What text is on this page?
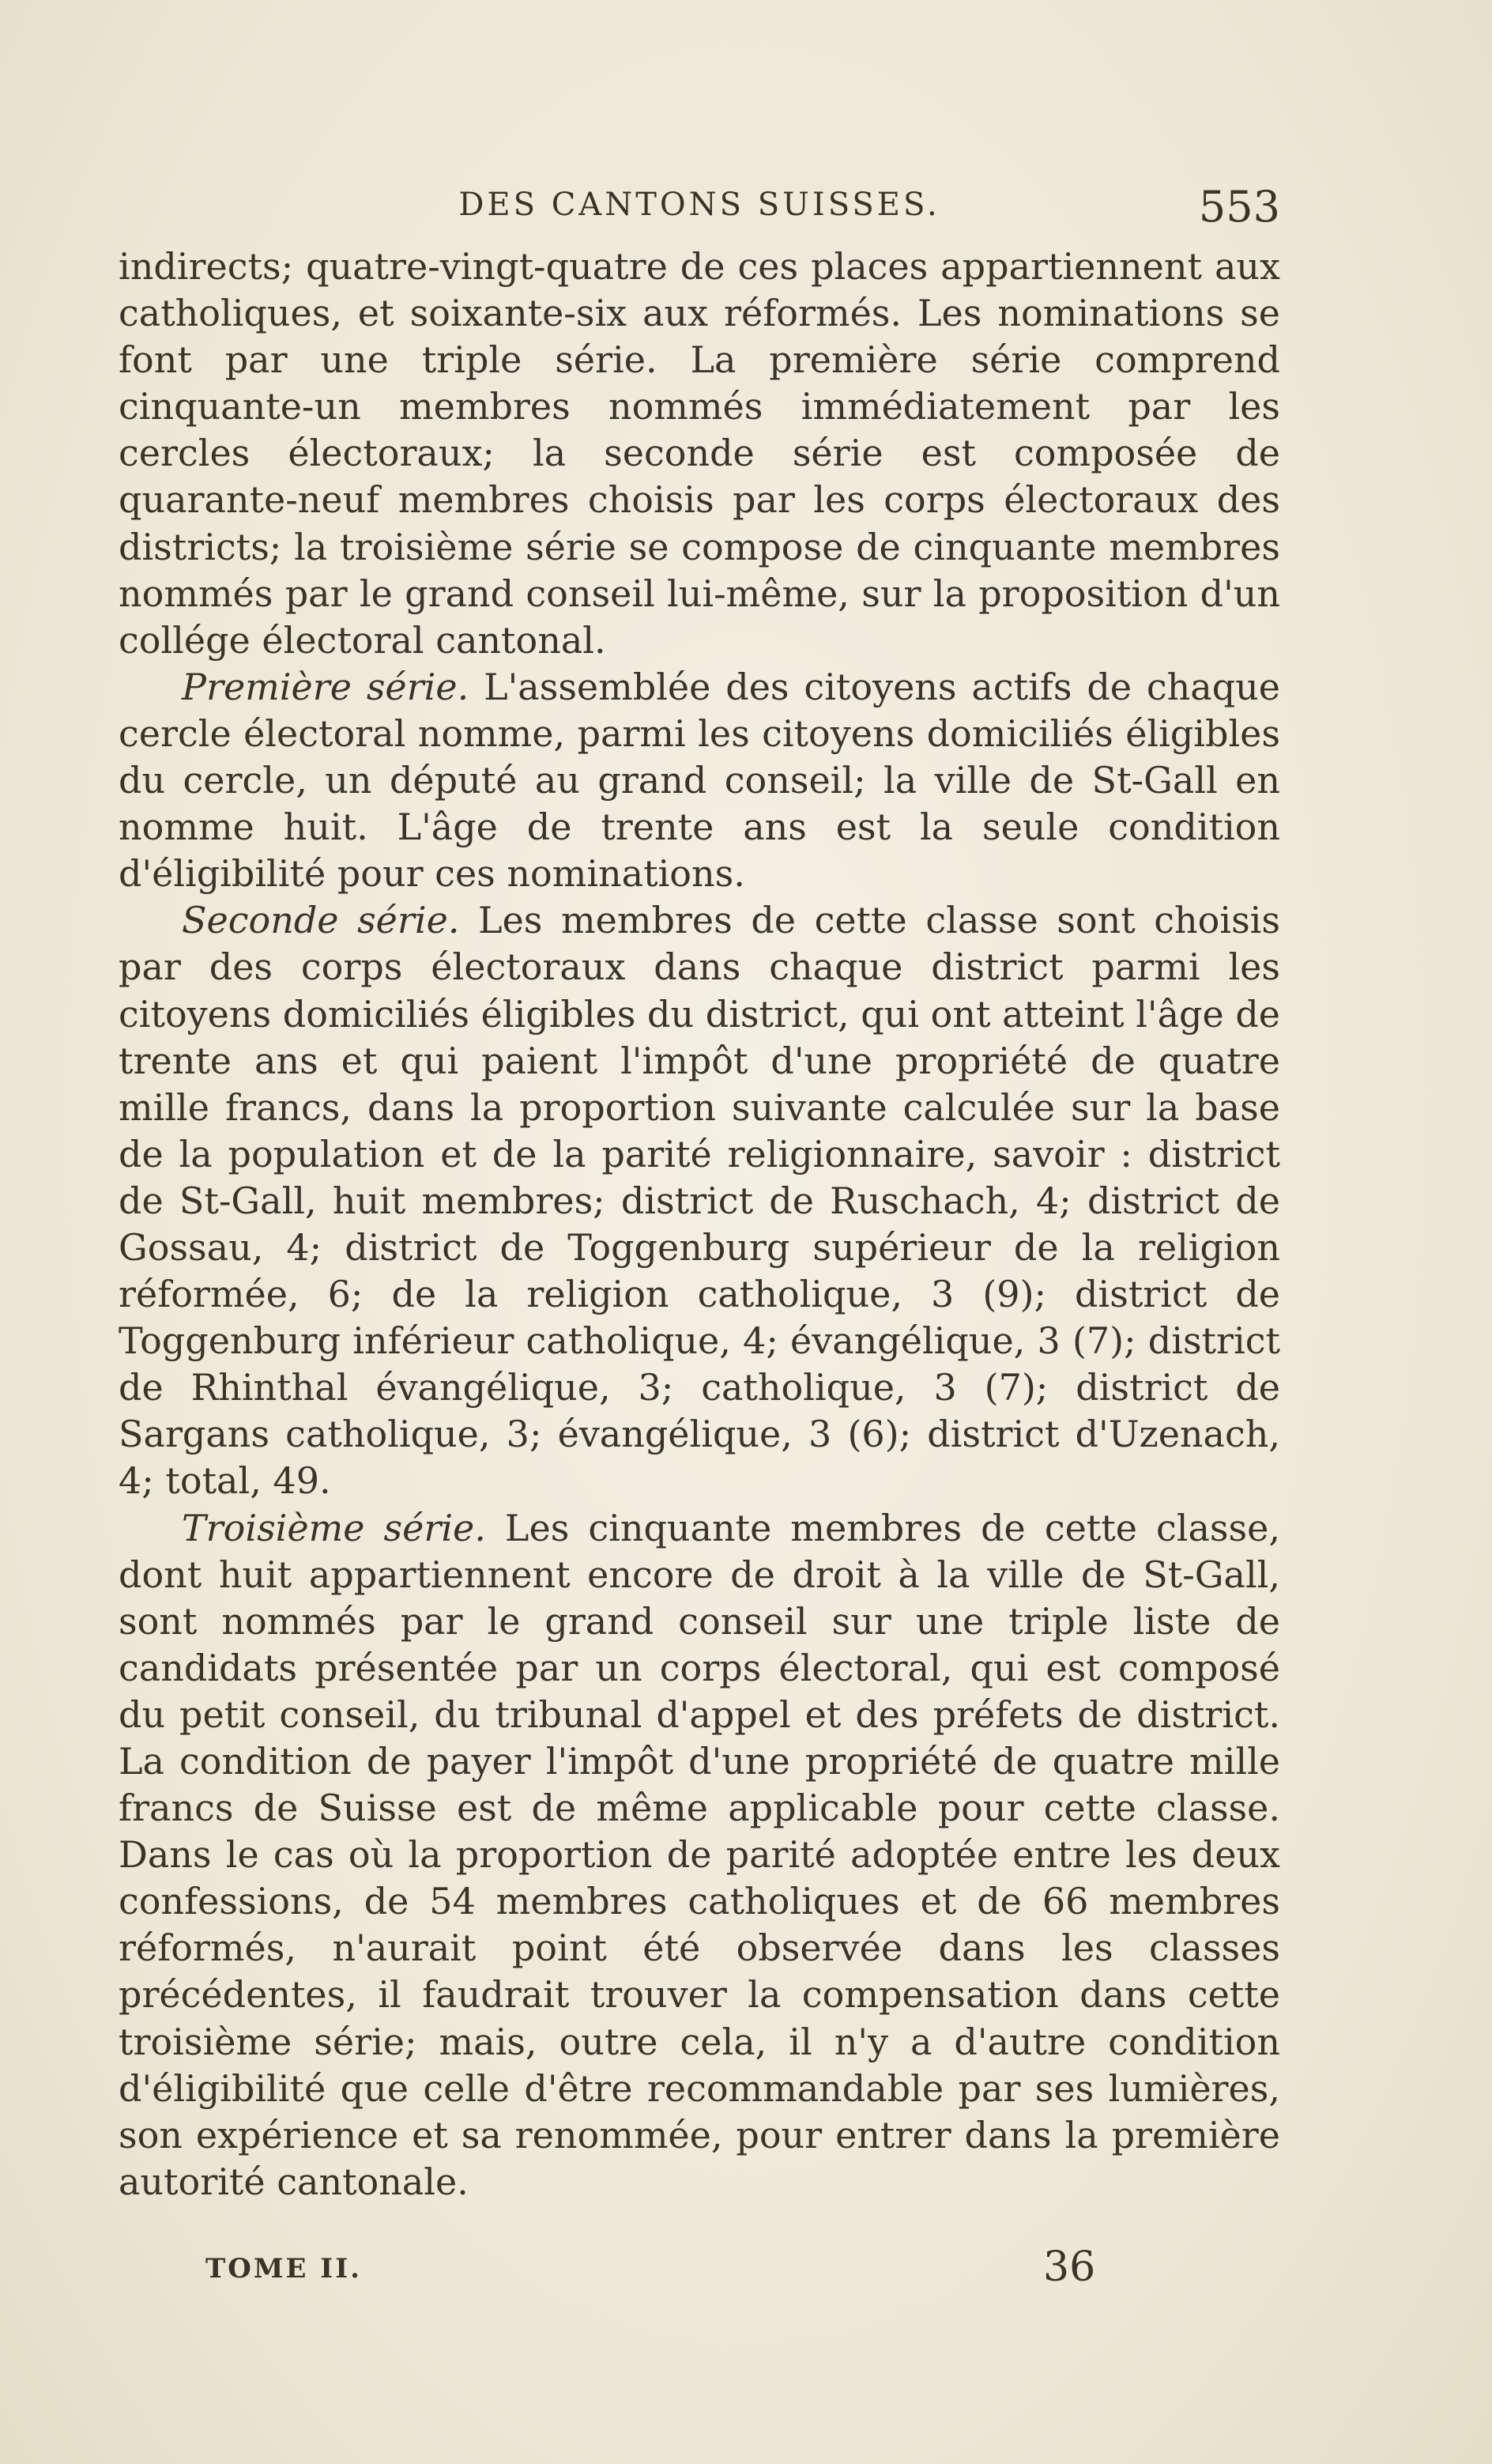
DES CANTONS SUISSES.	553

indirects; quatre-vingt-quatre de ces places appartiennent aux catholiques, et soixante-six aux réformés. Les nominations se font par une triple série. La première série comprend cinquante-un membres nommés immédiatement par les cercles électoraux; la seconde série est composée de quarante-neuf membres choisis par les corps électoraux des districts; la troisième série se compose de cinquante membres nommés par le grand conseil lui-même, sur la proposition d'un collége électoral cantonal.

Première série. L'assemblée des citoyens actifs de chaque cercle électoral nomme, parmi les citoyens domiciliés éligibles du cercle, un député au grand conseil; la ville de St-Gall en nomme huit. L'âge de trente ans est la seule condition d'éligibilité pour ces nominations.

Seconde série. Les membres de cette classe sont choisis par des corps électoraux dans chaque district parmi les citoyens domiciliés éligibles du district, qui ont atteint l'âge de trente ans et qui paient l'impôt d'une propriété de quatre mille francs, dans la proportion suivante calculée sur la base de la population et de la parité religionnaire, savoir : district de St-Gall, huit membres; district de Ruschach, 4; district de Gossau, 4; district de Toggenburg supérieur de la religion réformée, 6; de la religion catholique, 3 (9); district de Toggenburg inférieur catholique, 4; évangélique, 3 (7); district de Rhinthal évangélique, 3; catholique, 3 (7); district de Sargans catholique, 3; évangélique, 3 (6); district d'Uzenach, 4; total, 49.

Troisième série. Les cinquante membres de cette classe, dont huit appartiennent encore de droit à la ville de St-Gall, sont nommés par le grand conseil sur une triple liste de candidats présentée par un corps électoral, qui est composé du petit conseil, du tribunal d'appel et des préfets de district. La condition de payer l'impôt d'une propriété de quatre mille francs de Suisse est de même applicable pour cette classe. Dans le cas où la proportion de parité adoptée entre les deux confessions, de 54 membres catholiques et de 66 membres réformés, n'aurait point été observée dans les classes précédentes, il faudrait trouver la compensation dans cette troisième série; mais, outre cela, il n'y a d'autre condition d'éligibilité que celle d'être recommandable par ses lumières, son expérience et sa renommée, pour entrer dans la première autorité cantonale.

TOME II.	36
